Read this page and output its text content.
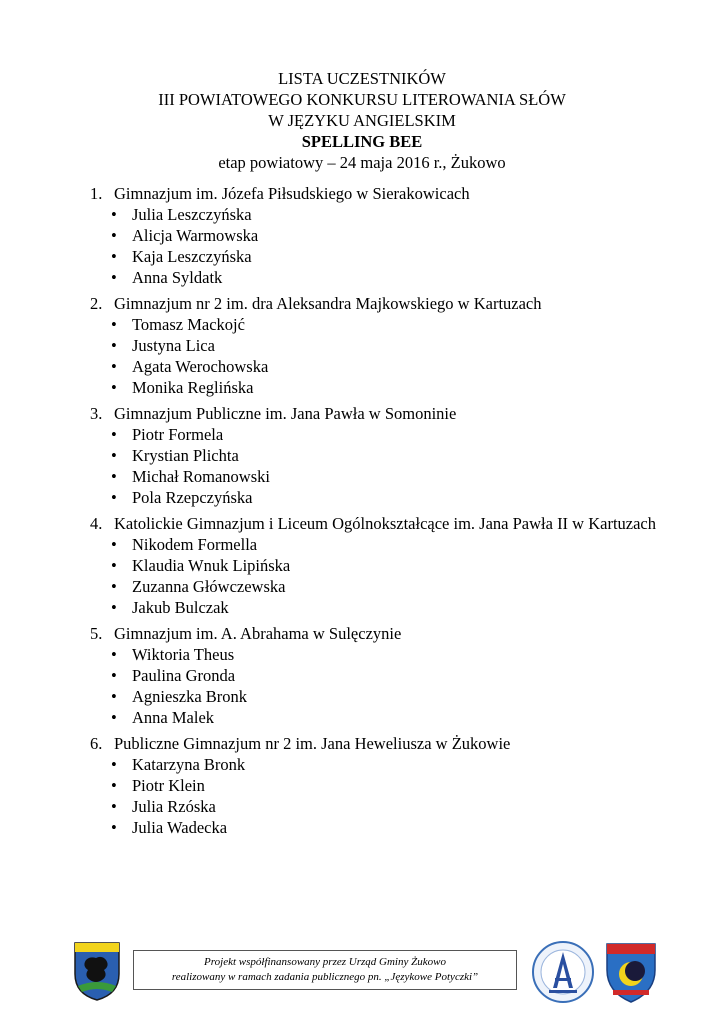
LISTA UCZESTNIKÓW
III POWIATOWEGO KONKURSU LITEROWANIA SŁÓW
W JĘZYKU ANGIELSKIM
SPELLING BEE
etap powiatowy – 24 maja 2016 r., Żukowo
1. Gimnazjum im. Józefa Piłsudskiego w Sierakowicach
• Julia Leszczyńska
• Alicja Warmowska
• Kaja Leszczyńska
• Anna Syldatk
2. Gimnazjum nr 2 im. dra Aleksandra Majkowskiego w Kartuzach
• Tomasz Mackojć
• Justyna Lica
• Agata Werochowska
• Monika Reglińska
3. Gimnazjum Publiczne im. Jana Pawła w Somoninie
• Piotr Formela
• Krystian Plichta
• Michał Romanowski
• Pola Rzepczyńska
4. Katolickie Gimnazjum i Liceum Ogólnokształcące im. Jana Pawła II w Kartuzach
• Nikodem Formella
• Klaudia Wnuk Lipińska
• Zuzanna Główczewska
• Jakub Bulczak
5. Gimnazjum im. A. Abrahama w Sulęczynie
• Wiktoria Theus
• Paulina Gronda
• Agnieszka Bronk
• Anna Malek
6. Publiczne Gimnazjum nr 2 im. Jana Heweliusza w Żukowie
• Katarzyna Bronk
• Piotr Klein
• Julia Rzóska
• Julia Wadecka
Projekt współfinansowany przez Urząd Gminy Żukowo
realizowany w ramach zadania publicznego pn. „Językowe Potyczki”
